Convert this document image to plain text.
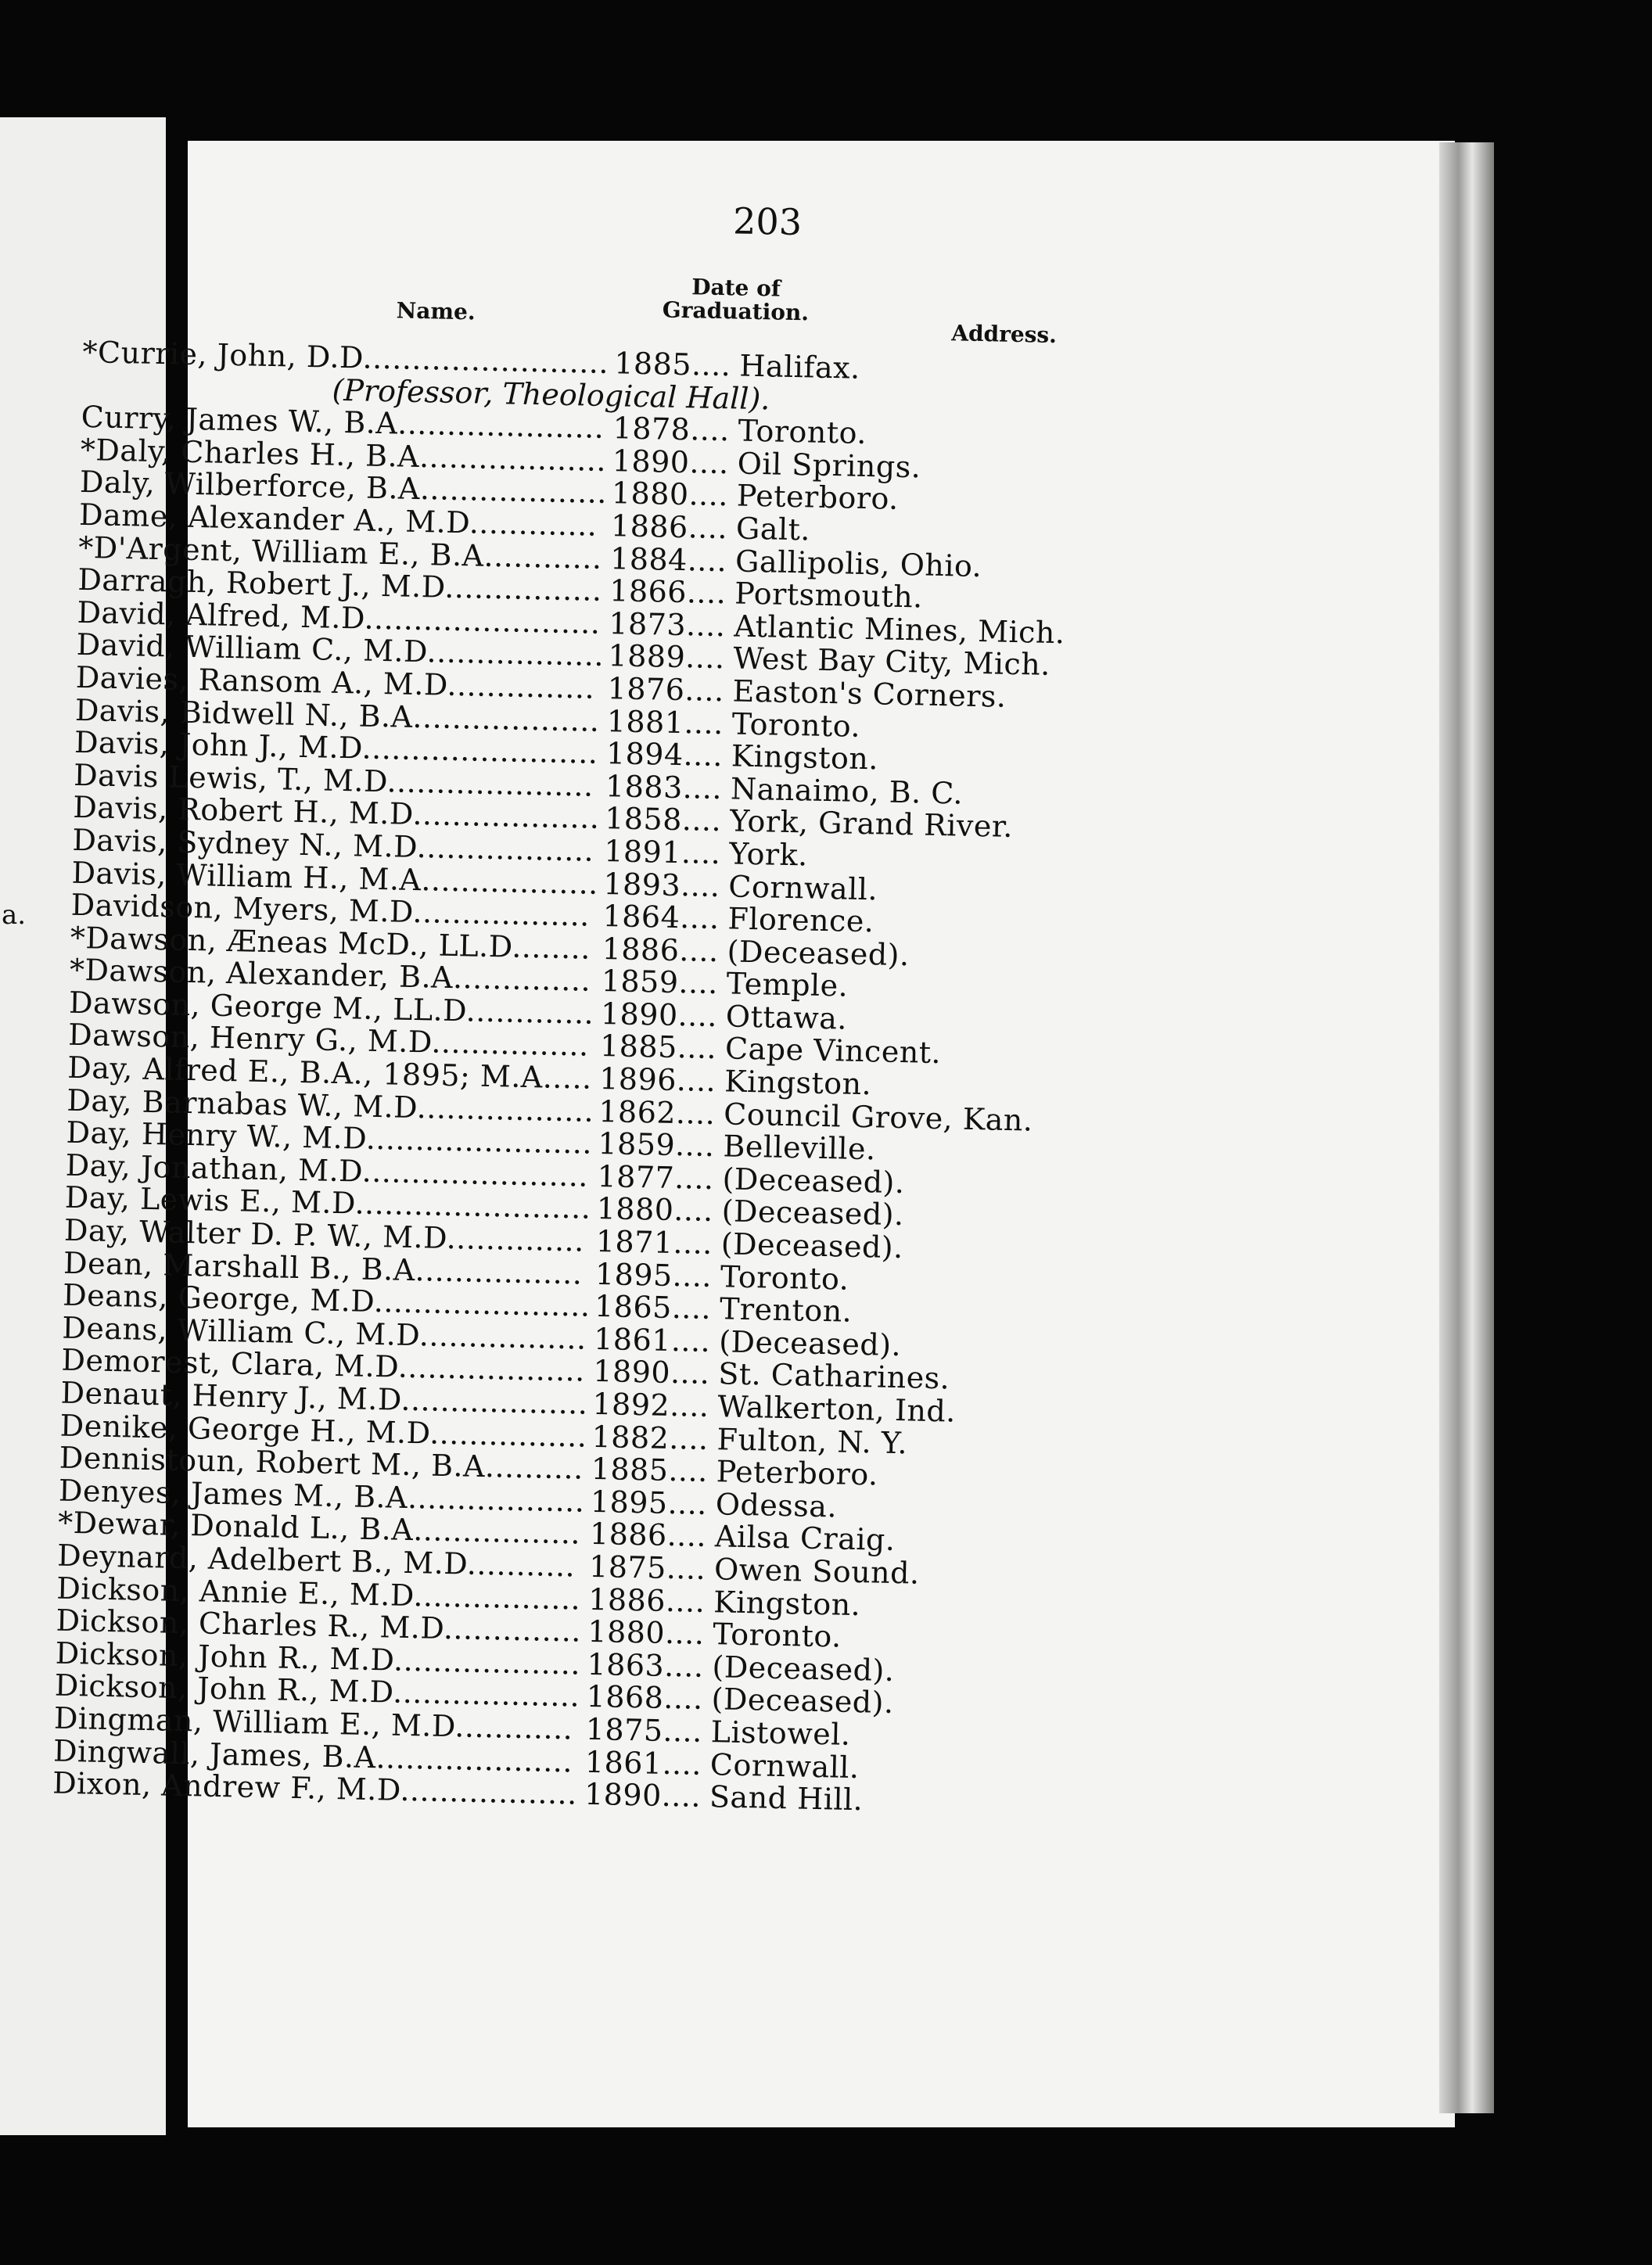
a.
203
Name.
Date of
Graduation.
Address.
*Currie, John, D.D......................... 1885.... Halifax.
(Professor, Theological Hall).
Curry, James W., B.A..................... 1878.... Toronto.
*Daly, Charles H., B.A................... 1890.... Oil Springs.
Daly, Wilberforce, B.A................... 1880.... Peterboro.
Dame, Alexander A., M.D............. 1886.... Galt.
*D'Argent, William E., B.A............ 1884.... Gallipolis, Ohio.
Darragh, Robert J., M.D................ 1866.... Portsmouth.
David, Alfred, M.D........................ 1873.... Atlantic Mines, Mich.
David, William C., M.D.................. 1889.... West Bay City, Mich.
Davies, Ransom A., M.D............... 1876.... Easton's Corners.
Davis, Bidwell N., B.A................... 1881.... Toronto.
Davis, John J., M.D........................ 1894.... Kingston.
Davis Lewis, T., M.D..................... 1883.... Nanaimo, B. C.
Davis, Robert H., M.D................... 1858.... York, Grand River.
Davis, Sydney N., M.D.................. 1891.... York.
Davis, William H., M.A.................. 1893.... Cornwall.
Davidson, Myers, M.D.................. 1864.... Florence.
*Dawson, Æneas McD., LL.D........ 1886.... (Deceased).
*Dawson, Alexander, B.A.............. 1859.... Temple.
Dawson, George M., LL.D............. 1890.... Ottawa.
Dawson, Henry G., M.D................ 1885.... Cape Vincent.
Day, Alfred E., B.A., 1895; M.A..... 1896.... Kingston.
Day, Barnabas W., M.D.................. 1862.... Council Grove, Kan.
Day, Henry W., M.D....................... 1859.... Belleville.
Day, Jonathan, M.D....................... 1877.... (Deceased).
Day, Lewis E., M.D........................ 1880.... (Deceased).
Day, Walter D. P. W., M.D.............. 1871.... (Deceased).
Dean, Marshall B., B.A................. 1895.... Toronto.
Deans, George, M.D...................... 1865.... Trenton.
Deans, William C., M.D................. 1861.... (Deceased).
Demorest, Clara, M.D................... 1890.... St. Catharines.
Denaut, Henry J., M.D................... 1892.... Walkerton, Ind.
Denike, George H., M.D................ 1882.... Fulton, N. Y.
Dennistoun, Robert M., B.A.......... 1885.... Peterboro.
Denyes, James M., B.A.................. 1895.... Odessa.
*Dewar, Donald L., B.A................. 1886.... Ailsa Craig.
Deynard, Adelbert B., M.D........... 1875.... Owen Sound.
Dickson, Annie E., M.D................. 1886.... Kingston.
Dickson, Charles R., M.D.............. 1880.... Toronto.
Dickson, John R., M.D................... 1863.... (Deceased).
Dickson, John R., M.D................... 1868.... (Deceased).
Dingman, William E., M.D............ 1875.... Listowel.
Dingwall, James, B.A.................... 1861.... Cornwall.
Dixon, Andrew F., M.D.................. 1890.... Sand Hill.
